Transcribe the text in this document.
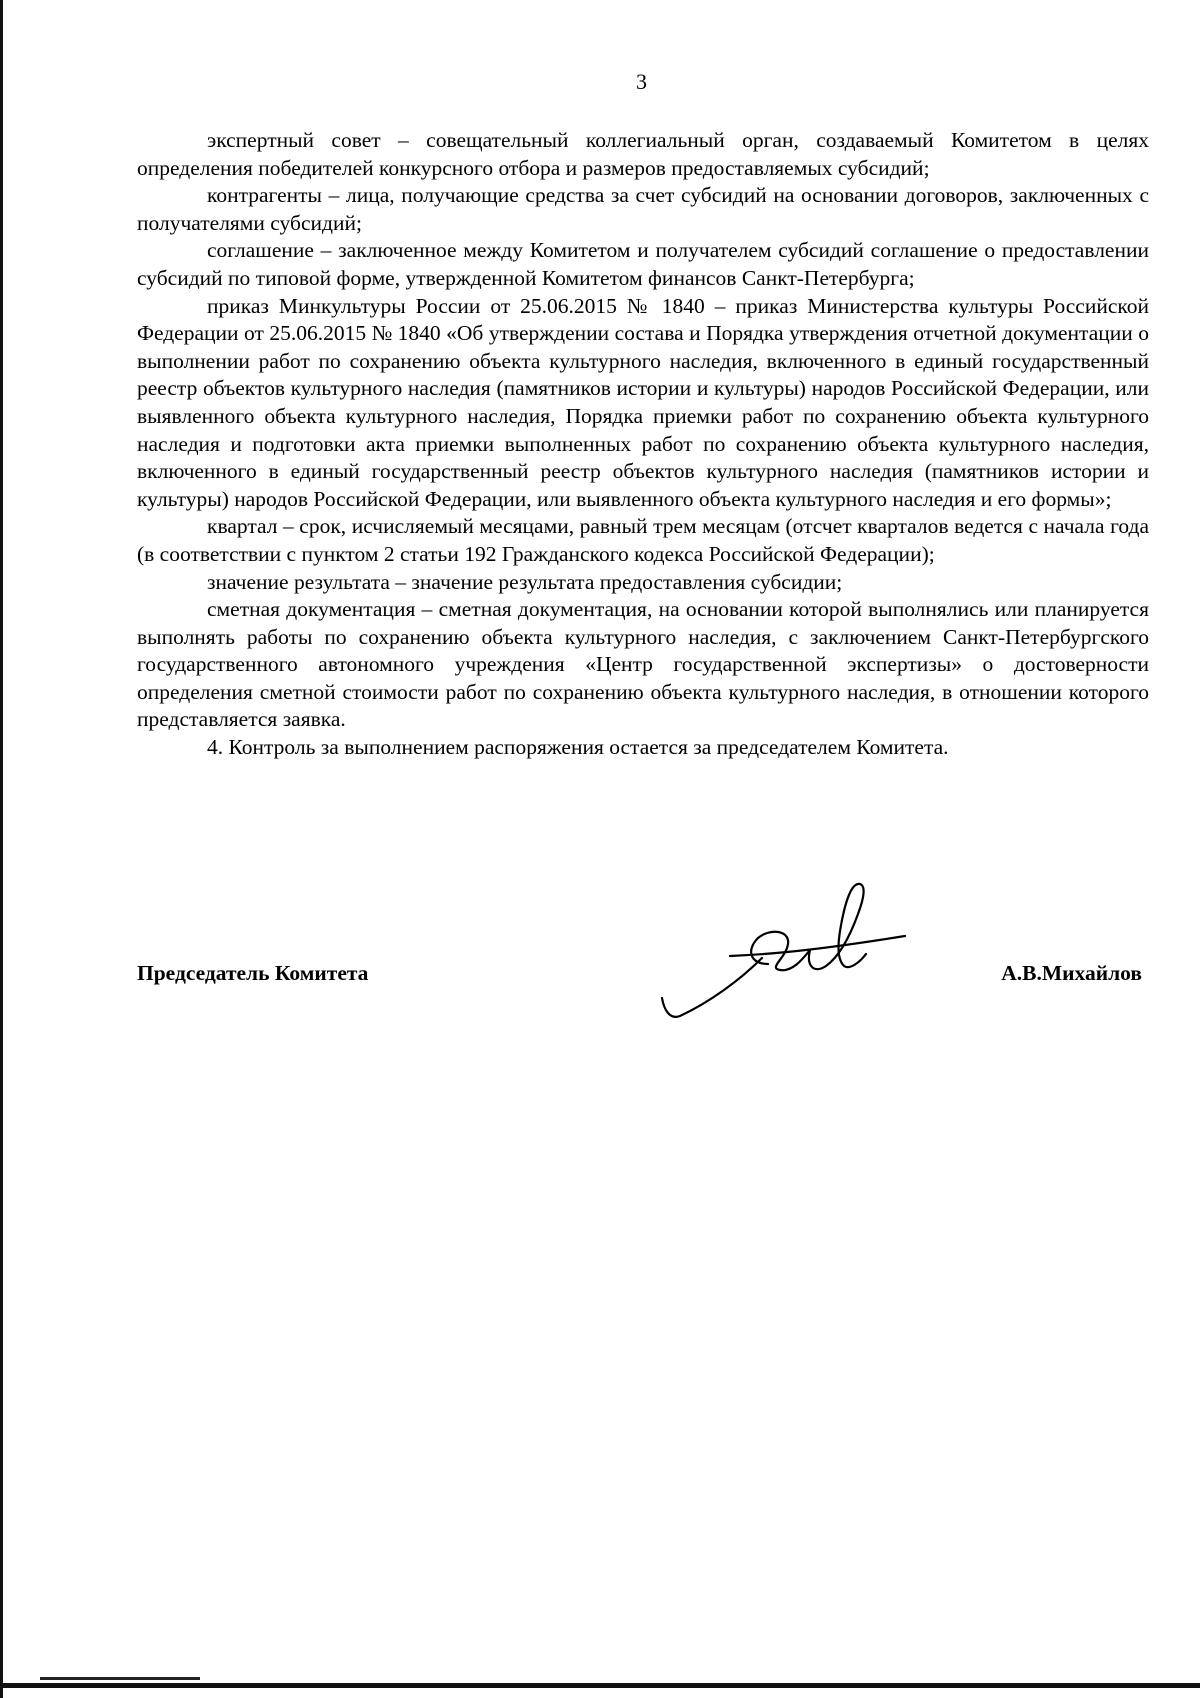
3

экспертный совет – совещательный коллегиальный орган, создаваемый Комитетом в целях определения победителей конкурсного отбора и размеров предоставляемых субсидий;

контрагенты – лица, получающие средства за счет субсидий на основании договоров, заключенных с получателями субсидий;

соглашение – заключенное между Комитетом и получателем субсидий соглашение о предоставлении субсидий по типовой форме, утвержденной Комитетом финансов Санкт-Петербурга;

приказ Минкультуры России от 25.06.2015 № 1840 – приказ Министерства культуры Российской Федерации от 25.06.2015 № 1840 «Об утверждении состава и Порядка утверждения отчетной документации о выполнении работ по сохранению объекта культурного наследия, включенного в единый государственный реестр объектов культурного наследия (памятников истории и культуры) народов Российской Федерации, или выявленного объекта культурного наследия, Порядка приемки работ по сохранению объекта культурного наследия и подготовки акта приемки выполненных работ по сохранению объекта культурного наследия, включенного в единый государственный реестр объектов культурного наследия (памятников истории и культуры) народов Российской Федерации, или выявленного объекта культурного наследия и его формы»;

квартал – срок, исчисляемый месяцами, равный трем месяцам (отсчет кварталов ведется с начала года (в соответствии с пунктом 2 статьи 192 Гражданского кодекса Российской Федерации);

значение результата – значение результата предоставления субсидии;

сметная документация – сметная документация, на основании которой выполнялись или планируется выполнять работы по сохранению объекта культурного наследия, с заключением Санкт-Петербургского государственного автономного учреждения «Центр государственной экспертизы» о достоверности определения сметной стоимости работ по сохранению объекта культурного наследия, в отношении которого представляется заявка.

4. Контроль за выполнением распоряжения остается за председателем Комитета.

Председатель Комитета	А.В.Михайлов
